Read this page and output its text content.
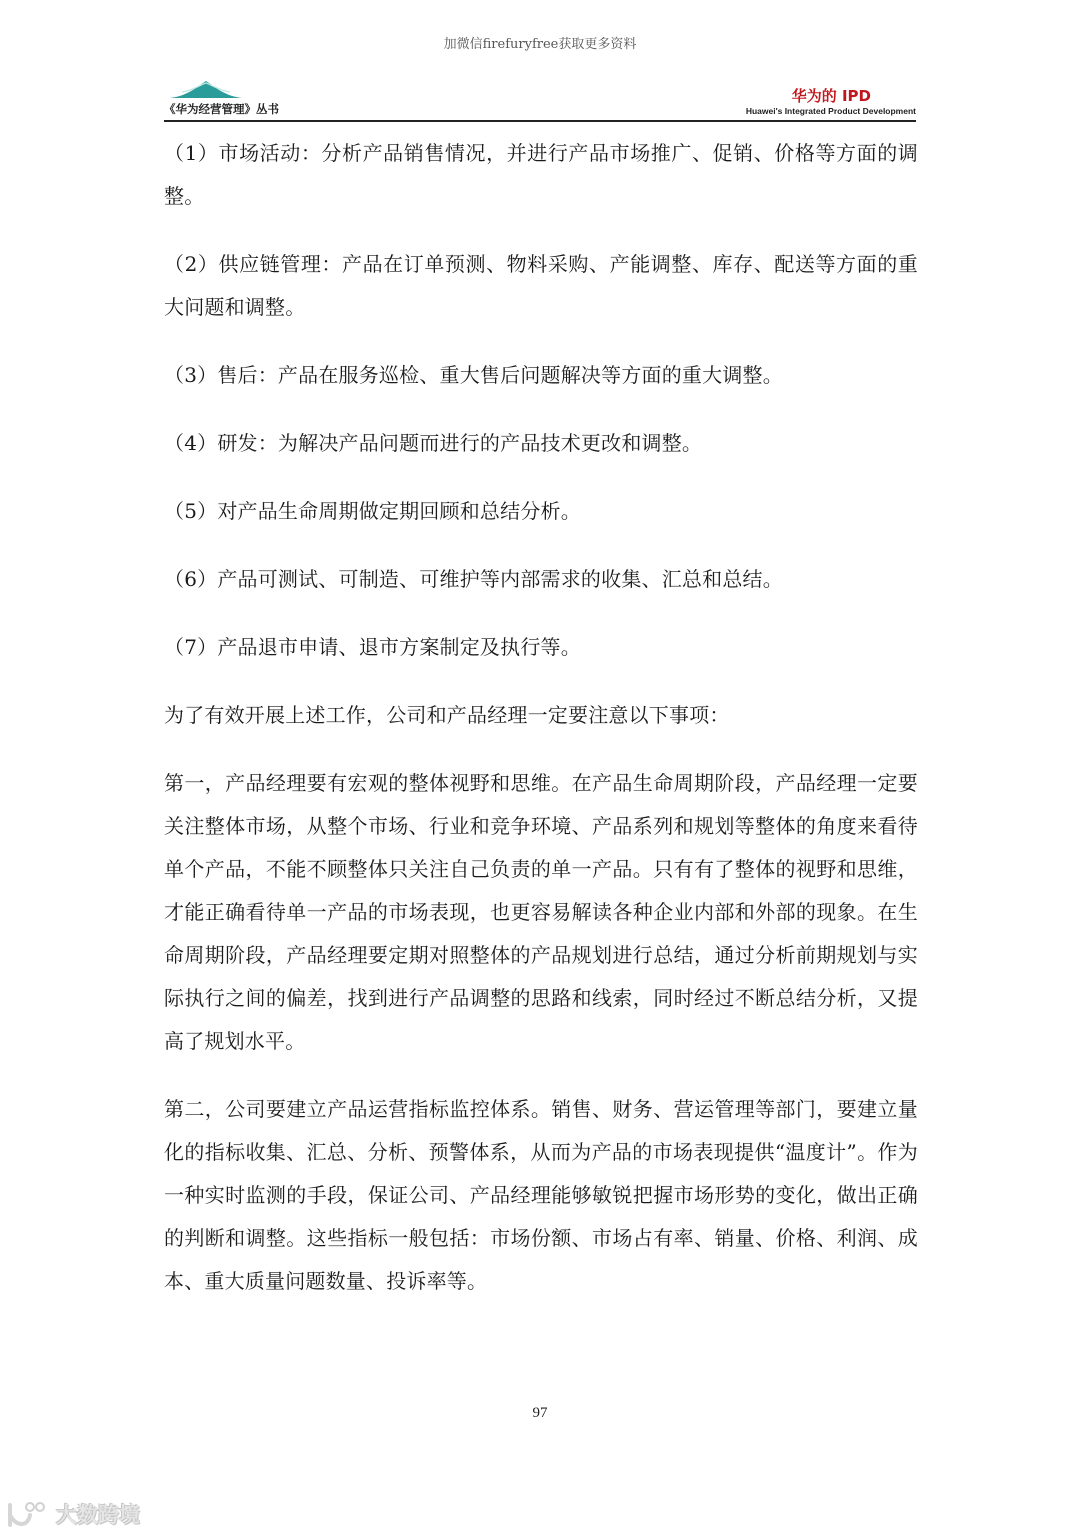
加微信firefuryfree获取更多资料
《华为经营管理》丛书
华为的 IPD
Huawei's Integrated Product Development

（1）市场活动：分析产品销售情况，并进行产品市场推广、促销、价格等方面的调整。

（2）供应链管理：产品在订单预测、物料采购、产能调整、库存、配送等方面的重大问题和调整。

（3）售后：产品在服务巡检、重大售后问题解决等方面的重大调整。

（4）研发：为解决产品问题而进行的产品技术更改和调整。

（5）对产品生命周期做定期回顾和总结分析。

（6）产品可测试、可制造、可维护等内部需求的收集、汇总和总结。

（7）产品退市申请、退市方案制定及执行等。

为了有效开展上述工作，公司和产品经理一定要注意以下事项：

第一，产品经理要有宏观的整体视野和思维。在产品生命周期阶段，产品经理一定要关注整体市场，从整个市场、行业和竞争环境、产品系列和规划等整体的角度来看待单个产品，不能不顾整体只关注自己负责的单一产品。只有有了整体的视野和思维，才能正确看待单一产品的市场表现，也更容易解读各种企业内部和外部的现象。在生命周期阶段，产品经理要定期对照整体的产品规划进行总结，通过分析前期规划与实际执行之间的偏差，找到进行产品调整的思路和线索，同时经过不断总结分析，又提高了规划水平。

第二，公司要建立产品运营指标监控体系。销售、财务、营运管理等部门，要建立量化的指标收集、汇总、分析、预警体系，从而为产品的市场表现提供“温度计”。作为一种实时监测的手段，保证公司、产品经理能够敏锐把握市场形势的变化，做出正确的判断和调整。这些指标一般包括：市场份额、市场占有率、销量、价格、利润、成本、重大质量问题数量、投诉率等。

97
大数跨境
